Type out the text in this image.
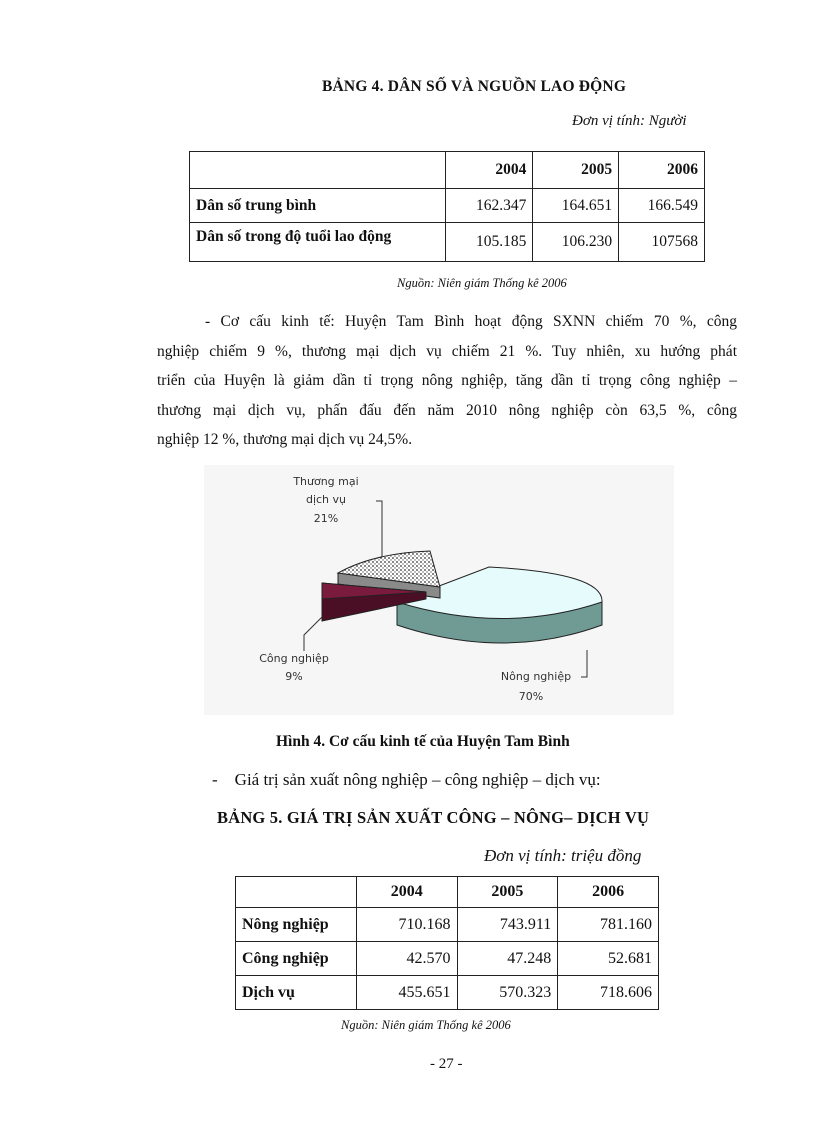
BẢNG 4. DÂN SỐ VÀ NGUỒN LAO ĐỘNG
Đơn vị tính: Người
	2004	2005	2006
Dân số trung bình	162.347	164.651	166.549
Dân số trong độ tuổi lao động	105.185	106.230	107568
Nguồn: Niên giám Thống kê 2006
- Cơ cấu kinh tế: Huyện Tam Bình hoạt động SXNN chiếm 70 %, công
nghiệp chiếm 9 %, thương mại dịch vụ chiếm 21 %. Tuy nhiên, xu hướng phát
triển của Huyện là giảm dần tỉ trọng nông nghiệp, tăng dần tỉ trọng công nghiệp –
thương mại dịch vụ, phấn đấu đến năm 2010 nông nghiệp còn 63,5 %, công
nghiệp 12 %, thương mại dịch vụ 24,5%.
Thương mại
dịch vụ
21%
Công nghiệp
9%	Nông nghiệp
70%
Hình 4. Cơ cấu kinh tế của Huyện Tam Bình
-    Giá trị sản xuất nông nghiệp – công nghiệp – dịch vụ:
BẢNG 5. GIÁ TRỊ SẢN XUẤT CÔNG – NÔNG– DỊCH VỤ
Đơn vị tính: triệu đồng
	2004	2005	2006
Nông nghiệp	710.168	743.911	781.160
Công nghiệp	42.570	47.248	52.681
Dịch vụ	455.651	570.323	718.606
Nguồn: Niên giám Thống kê 2006
- 27 -
